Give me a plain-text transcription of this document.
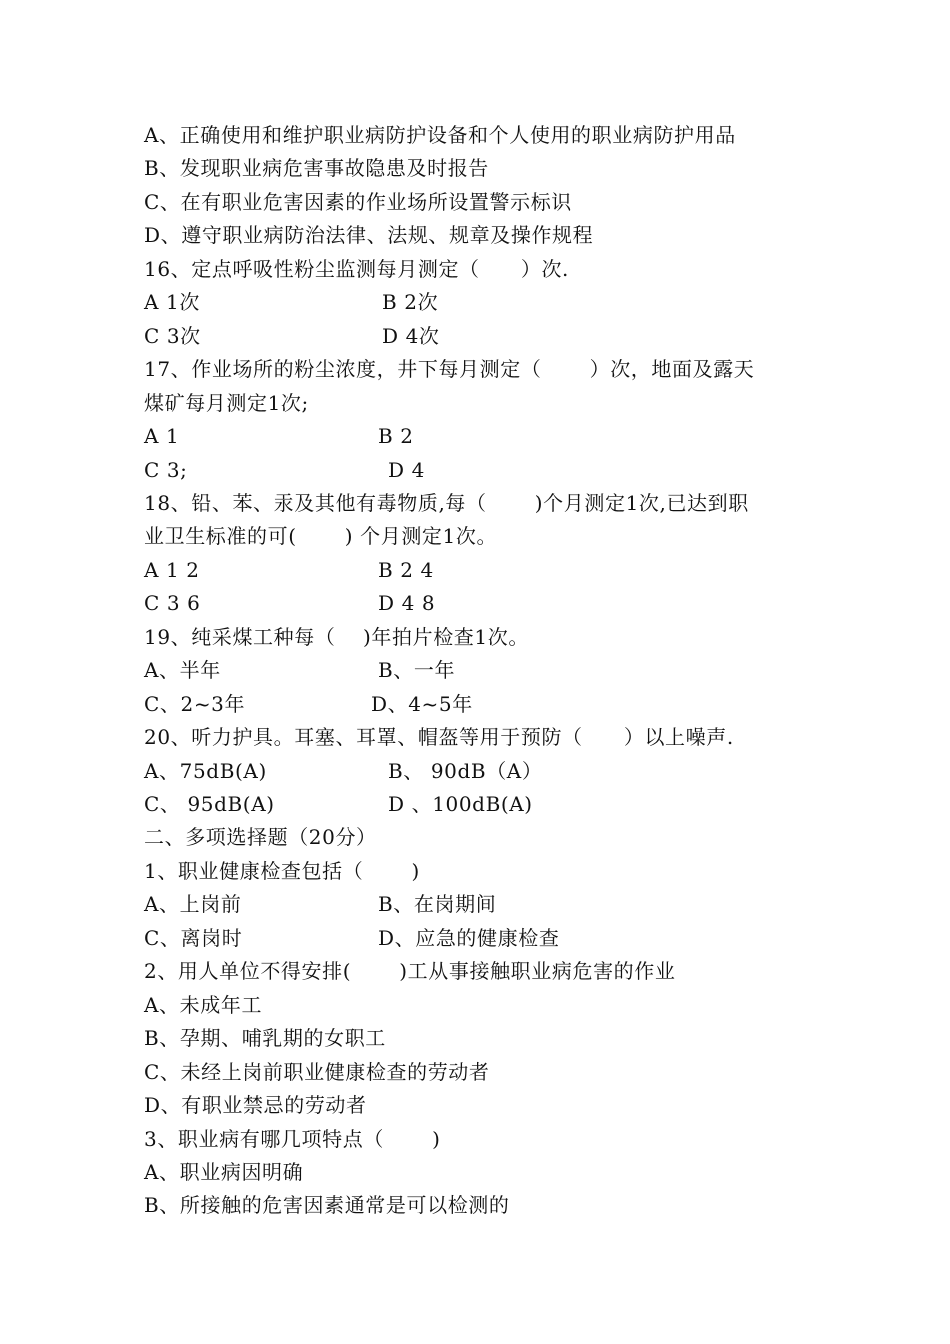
A、正确使用和维护职业病防护设备和个人使用的职业病防护用品
B、发现职业病危害事故隐患及时报告
C、在有职业危害因素的作业场所设置警示标识
D、遵守职业病防治法律、法规、规章及操作规程
16、定点呼吸性粉尘监测每月测定（　　）次.
A 1次	B 2次
C 3次	D 4次
17、作业场所的粉尘浓度，井下每月测定（　　 ）次，地面及露天
煤矿每月测定1次;
A 1	B 2
C 3;	D 4
18、铅、苯、汞及其他有毒物质,每（　　 )个月测定1次,已达到职
业卫生标准的可(　　 ) 个月测定1次。
A 1 2	B 2 4
C 3 6	D 4 8
19、纯采煤工种每（　 )年拍片检查1次。
A、半年	B、一年
C、2~3年	D、4~5年
20、听力护具。耳塞、耳罩、帽盔等用于预防（　　）以上噪声.
A、75dB(A)	B、 90dB（A）
C、 95dB(A)	D 、100dB(A)
二、多项选择题（20分）
1、职业健康检查包括（　　 )
A、上岗前	B、在岗期间
C、离岗时	D、应急的健康检查
2、用人单位不得安排(　　 )工从事接触职业病危害的作业
A、未成年工
B、孕期、哺乳期的女职工
C、未经上岗前职业健康检查的劳动者
D、有职业禁忌的劳动者
3、职业病有哪几项特点（　　 )
A、职业病因明确
B、所接触的危害因素通常是可以检测的
